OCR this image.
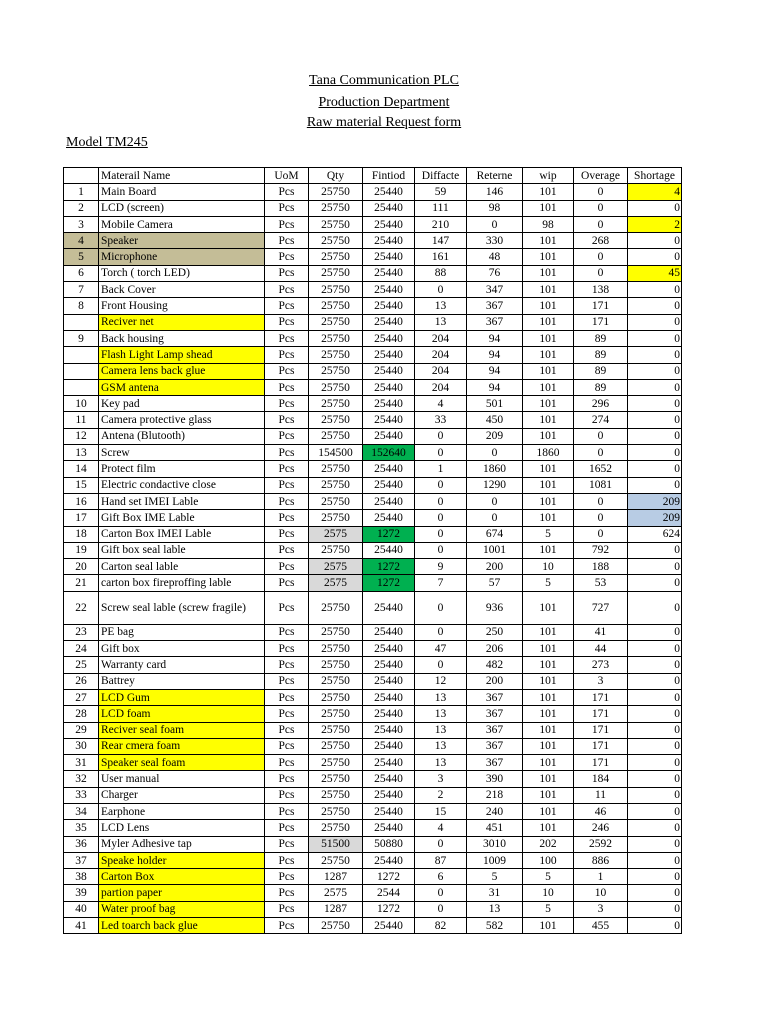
Tana Communication PLC
Production Department
Raw material Request form
Model TM245
	Materail Name	UoM	Qty	Fintiod	Diffacte	Reterne	wip	Overage	Shortage
1	Main Board	Pcs	25750	25440	59	146	101	0	4
2	LCD (screen)	Pcs	25750	25440	111	98	101	0	0
3	Mobile Camera	Pcs	25750	25440	210	0	98	0	2
4	Speaker	Pcs	25750	25440	147	330	101	268	0
5	Microphone	Pcs	25750	25440	161	48	101	0	0
6	Torch ( torch LED)	Pcs	25750	25440	88	76	101	0	45
7	Back Cover	Pcs	25750	25440	0	347	101	138	0
8	Front Housing	Pcs	25750	25440	13	367	101	171	0
	Reciver net	Pcs	25750	25440	13	367	101	171	0
9	Back housing	Pcs	25750	25440	204	94	101	89	0
	Flash Light Lamp shead	Pcs	25750	25440	204	94	101	89	0
	Camera lens back glue	Pcs	25750	25440	204	94	101	89	0
	GSM antena	Pcs	25750	25440	204	94	101	89	0
10	Key pad	Pcs	25750	25440	4	501	101	296	0
11	Camera protective glass	Pcs	25750	25440	33	450	101	274	0
12	Antena (Blutooth)	Pcs	25750	25440	0	209	101	0	0
13	Screw	Pcs	154500	152640	0	0	1860	0	0
14	Protect film	Pcs	25750	25440	1	1860	101	1652	0
15	Electric condactive close	Pcs	25750	25440	0	1290	101	1081	0
16	Hand set IMEI Lable	Pcs	25750	25440	0	0	101	0	209
17	Gift Box IME Lable	Pcs	25750	25440	0	0	101	0	209
18	Carton Box IMEI Lable	Pcs	2575	1272	0	674	5	0	624
19	Gift box seal lable	Pcs	25750	25440	0	1001	101	792	0
20	Carton seal lable	Pcs	2575	1272	9	200	10	188	0
21	carton box fireproffing lable	Pcs	2575	1272	7	57	5	53	0
22	Screw seal lable (screw fragile)	Pcs	25750	25440	0	936	101	727	0
23	PE bag	Pcs	25750	25440	0	250	101	41	0
24	Gift box	Pcs	25750	25440	47	206	101	44	0
25	Warranty card	Pcs	25750	25440	0	482	101	273	0
26	Battrey	Pcs	25750	25440	12	200	101	3	0
27	LCD Gum	Pcs	25750	25440	13	367	101	171	0
28	LCD foam	Pcs	25750	25440	13	367	101	171	0
29	Reciver seal foam	Pcs	25750	25440	13	367	101	171	0
30	Rear cmera foam	Pcs	25750	25440	13	367	101	171	0
31	Speaker seal foam	Pcs	25750	25440	13	367	101	171	0
32	User manual	Pcs	25750	25440	3	390	101	184	0
33	Charger	Pcs	25750	25440	2	218	101	11	0
34	Earphone	Pcs	25750	25440	15	240	101	46	0
35	LCD Lens	Pcs	25750	25440	4	451	101	246	0
36	Myler Adhesive tap	Pcs	51500	50880	0	3010	202	2592	0
37	Speake holder	Pcs	25750	25440	87	1009	100	886	0
38	Carton Box	Pcs	1287	1272	6	5	5	1	0
39	partion paper	Pcs	2575	2544	0	31	10	10	0
40	Water proof bag	Pcs	1287	1272	0	13	5	3	0
41	Led toarch back glue	Pcs	25750	25440	82	582	101	455	0
